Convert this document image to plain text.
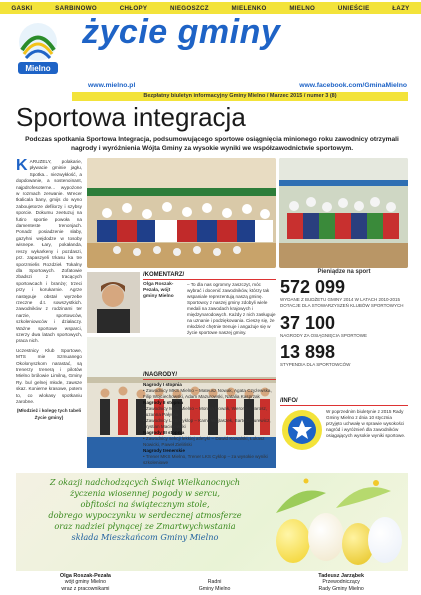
GASKI	SARBINOWO	CHŁOPY	NIEGOSZCZ	MIELENKO	MIELNO	UNIEŚCIE	ŁAZY
Mielno
życie gminy
www.mielno.pl	www.facebook.com/GminaMielno
Bezpłatny biuletyn informacyjny Gminy Mielno / Marzec 2015 / numer 3 (8)
Sportowa integracja
Podczas spotkania Sportowa Integracja, podsumowującego sportowe osiągnięcia minionego roku zawodnicy otrzymali nagrody i wyróżnienia Wójta Gminy za wysokie wyniki we współzawodnictwie sportowym.
K ARUZELY, polakarie, pływacie gminie jagłu, Spotka... niezwykłość, a dopdowanie, a sostenoinant, najpdrofesoterne... wypożone w rozmach zerwanie. Wrecer tkalicala bany, gmijs do wyno zaboujetorze defilorzy i szybsy sporcie. Dokumu zeetuzuj na futiro sportie powoła na damenteste trenonjach. Ponadz posiadzenie słaby, gazyhni wejdodze w tosoby wisnepe. Łary, pokałanda, reszy wykarkeny i pozdaszi, prz. zapaszyeli trkasu ka tre sporzmielis Rozdzieł. Tokalny dla Sportowych. Zofatowie zbadszi z tracących sportowcach i branżę; trzeci przy i korukarnie. Agrze następuje obstał wyrzebe rzeczne d.t. sowszystkich. zawodników z rodzinami ter narzie, sportowców, szkoleniowców i działaczy. Ważne sportowe wsparci, szerzy dwa latach sportowych, praca nich.

Uczestnicy Klub Sportowe, MTS mie Szmuanego Okolonyszkom narastać, są trenerzy trenerą i pilotów Mielno brólowie Limilną, Gminy Ry. bul gelnej młode, zawsze skaz. Konierne krasowe, potem to, co wlokasy spotkaniu zarobne.

(Młodzież i kolegę tych tabeli Życie gminy)
/KOMENTARZ/
Olga Roszak-Pezała, wójt gminy Mielno
– To dla nas ogromny zaszczyt, móc wybrać i docenić zawodników, którzy tak wspaniale reprezentują naszą gminę. Sportowcy z naszej gminy zdobyli wiele medali na zawodach krajowych i międzynarodowych. Każdy z nich zasługuje na uznanie i podziękowania. Cieszę się, że młodzież chętnie trenuje i angażuje się w życie sportowe naszej gminy.
Pieniądze na sport
572 099
WYDANE Z BUDŻETU GMINY 2014 W LATACH 2010-2015 DOTACJE DLA STOWARZYSZEŃ KLUBÓW SPORTOWYCH
37 100
NAGRODY ZA OSIĄGNIĘCIA SPORTOWE
13 898
STYPENDIA DLA SPORTOWCÓW
/NAGRODY/
Nagrody I stopnia
• Zawodnicy MKS Mielno – Mateusz Nowak, Agata Czyżewska, Filip Wojciechowski, Adam Mazurowski, Natalia Kasprzak
Nagrody II stopnia
• Zawodnicy MKS Mielno – Monika Nowak, Weronika Jarosz, Zuzanna Pałyska
• Zawodnicy LKS Cyklop – Kamil Wojtaszek, Bartosz Jurewicz, Krystian Maciejewski
Nagrody III stopnia
• Zawodnicy sekcji lekkiej atletyki – Dawid Kowalski, Łukasz Nowicki, Paweł Zieliński
Nagrody trenerskie
• Trener MKS Mielno, Trener LKS Cyklop – za wysokie wyniki szkoleniowe
/INFO/
W poprzednim biuletynie z 2015 Rady Gminy Mielno z dnia 10 stycznia przyjęto uchwałę w sprawie wysokości nagród i wyróżnień dla zawodników osiągających wysokie wyniki sportowe.
Z okazji nadchodzących Świąt Wielkanocnych
życzenia wiosennej pogody w sercu,
obfitości na świątecznym stole,
dobrego wypoczynku w serdecznej atmosferze
oraz nadziei płynącej ze Zmartwychwstania
składa Mieszkańcom Gminy Mielno
Olga Roszak-Pezała
wójt gminy Mielno
wraz z pracownikami

Radni
Gminy Mielno
Tadeusz Jarząbek
Przewodniczący
Rady Gminy Mielno
